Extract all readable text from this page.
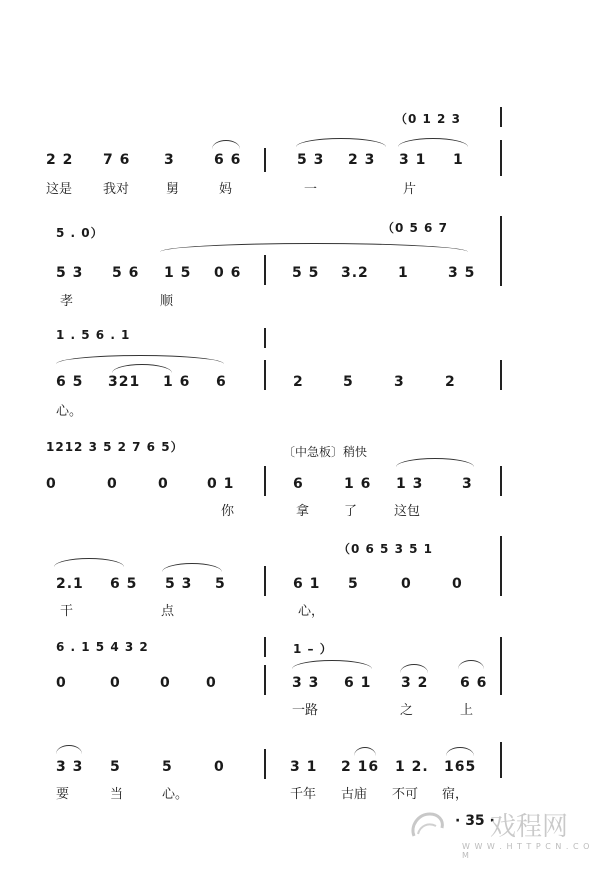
（0 1 2 3
2 2 7 6 3	6 6	5 3 2 3 3 1 1
这是 我对	舅	妈	一	片
5 . 0）	（0 5 6 7
5 3 5 6 1 5 0 6	5 5 3.2 1	3 5
孝	顺
1 . 5 6 . 1
6 5 321 1 6 6	2	5	3	2
心。
1212 3 5 2 7 6 5）	〔中急板〕稍快
0	0	0	0 1	6	1 6 1 3	3
你	拿	了	这包
（0 6 5 3 5 1
2.1 6 5 5 3 5	6 1 5	0	0
干	点	心，
6 . 1 5 4 3 2	1 – ）
0	0	0	0	3 3 6 1 3 2 6 6
一路	之	上
3 3 5	5	0	3 1 2 16 1 2. 165
要	当	心。	千年 古庙 不可 宿，
· 35 ·
戏程网
W W W . H T T P C N . C O M
